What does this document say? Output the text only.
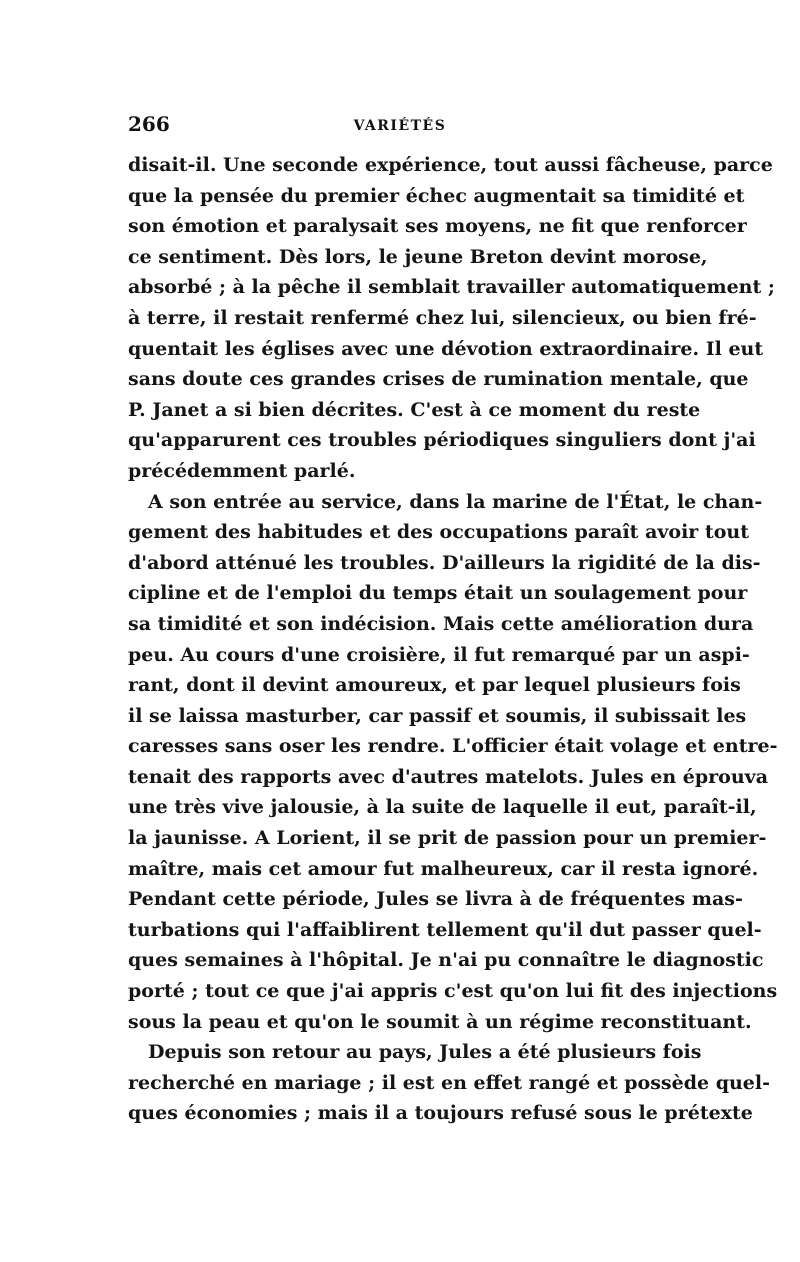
266	VARIÉTÉS
disait-il. Une seconde expérience, tout aussi fâcheuse, parce
que la pensée du premier échec augmentait sa timidité et
son émotion et paralysait ses moyens, ne fit que renforcer
ce sentiment. Dès lors, le jeune Breton devint morose,
absorbé ; à la pêche il semblait travailler automatiquement ;
à terre, il restait renfermé chez lui, silencieux, ou bien fré-
quentait les églises avec une dévotion extraordinaire. Il eut
sans doute ces grandes crises de rumination mentale, que
P. Janet a si bien décrites. C'est à ce moment du reste
qu'apparurent ces troubles périodiques singuliers dont j'ai
précédemment parlé.
A son entrée au service, dans la marine de l'État, le chan-
gement des habitudes et des occupations paraît avoir tout
d'abord atténué les troubles. D'ailleurs la rigidité de la dis-
cipline et de l'emploi du temps était un soulagement pour
sa timidité et son indécision. Mais cette amélioration dura
peu. Au cours d'une croisière, il fut remarqué par un aspi-
rant, dont il devint amoureux, et par lequel plusieurs fois
il se laissa masturber, car passif et soumis, il subissait les
caresses sans oser les rendre. L'officier était volage et entre-
tenait des rapports avec d'autres matelots. Jules en éprouva
une très vive jalousie, à la suite de laquelle il eut, paraît-il,
la jaunisse. A Lorient, il se prit de passion pour un premier-
maître, mais cet amour fut malheureux, car il resta ignoré.
Pendant cette période, Jules se livra à de fréquentes mas-
turbations qui l'affaiblirent tellement qu'il dut passer quel-
ques semaines à l'hôpital. Je n'ai pu connaître le diagnostic
porté ; tout ce que j'ai appris c'est qu'on lui fit des injections
sous la peau et qu'on le soumit à un régime reconstituant.
Depuis son retour au pays, Jules a été plusieurs fois
recherché en mariage ; il est en effet rangé et possède quel-
ques économies ; mais il a toujours refusé sous le prétexte
